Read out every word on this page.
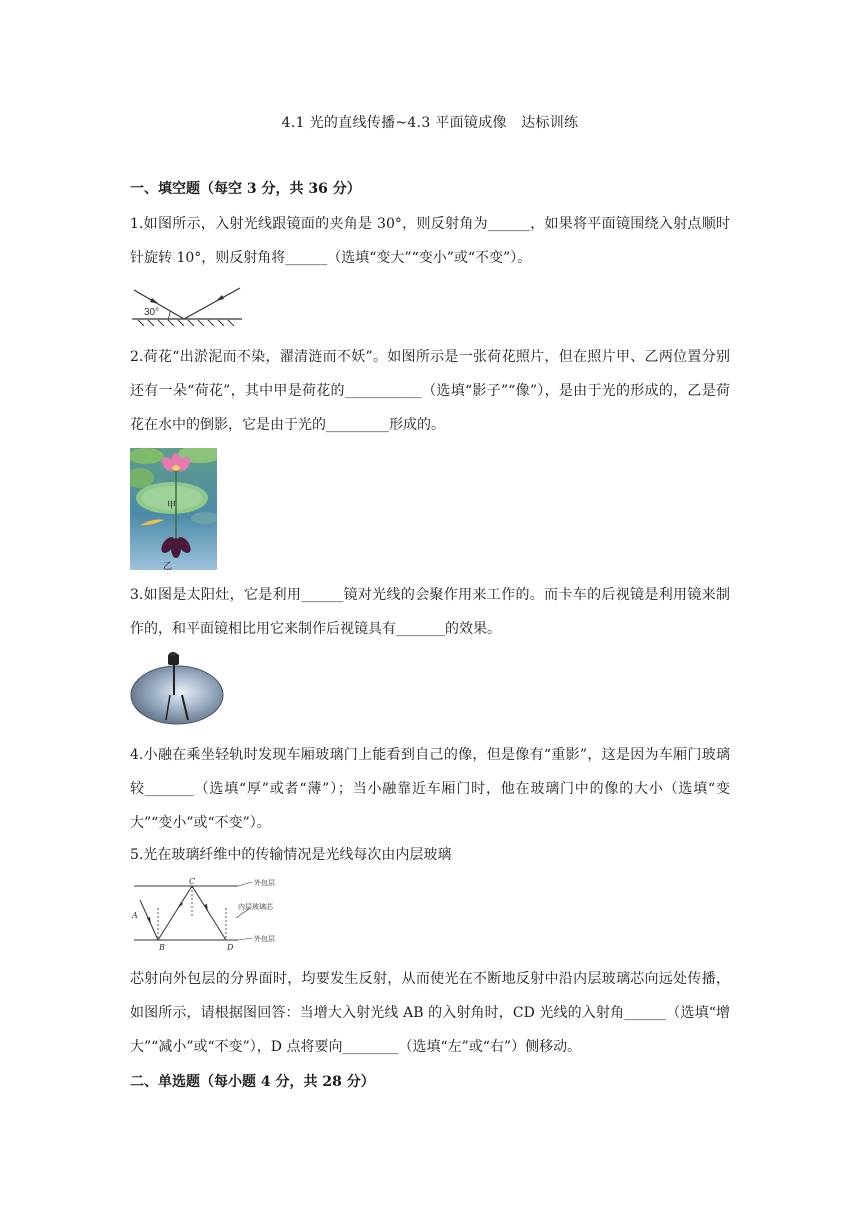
4.1 光的直线传播~4.3 平面镜成像　达标训练
一、填空题（每空 3 分，共 36 分）
1.如图所示，入射光线跟镜面的夹角是 30°，则反射角为______，如果将平面镜围绕入射点顺时针旋转 10°，则反射角将______（选填“变大”“变小”或“不变”）。
30°
2.荷花“出淤泥而不染，濯清涟而不妖”。如图所示是一张荷花照片，但在照片甲、乙两位置分别还有一朵“荷花”，其中甲是荷花的___________（选填“影子”“像”），是由于光的形成的，乙是荷花在水中的倒影，它是由于光的_________形成的。
甲
乙
3.如图是太阳灶，它是利用______镜对光线的会聚作用来工作的。而卡车的后视镜是利用镜来制作的，和平面镜相比用它来制作后视镜具有_______的效果。
4.小融在乘坐轻轨时发现车厢玻璃门上能看到自己的像，但是像有“重影”，这是因为车厢门玻璃较_______（选填“厚”或者“薄”）；当小融靠近车厢门时，他在玻璃门中的像的大小（选填“变大”“变小”或“不变”）。
5.光在玻璃纤维中的传输情况是光线每次由内层玻璃
外包层
内层玻璃芯
外包层
A
B
C
D
芯射向外包层的分界面时，均要发生反射，从而使光在不断地反射中沿内层玻璃芯向远处传播，如图所示，请根据图回答：当增大入射光线 AB 的入射角时，CD 光线的入射角______（选填“增大”“减小”或“不变”），D 点将要向________（选填“左”或“右”）侧移动。
二、单选题（每小题 4 分，共 28 分）
